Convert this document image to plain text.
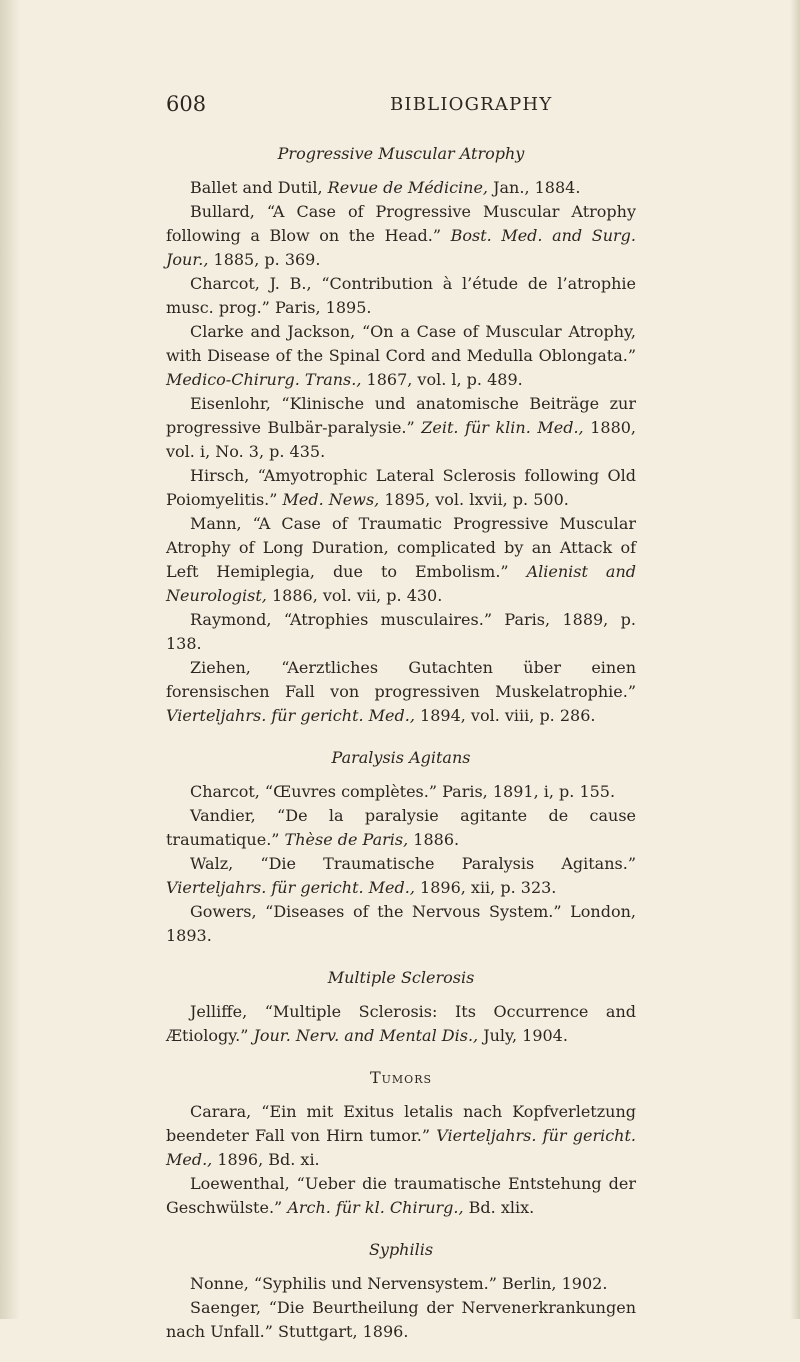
608	BIBLIOGRAPHY
Progressive Muscular Atrophy

Ballet and Dutil, Revue de Médicine, Jan., 1884.

Bullard, “A Case of Progressive Muscular Atrophy following a Blow on the Head.” Bost. Med. and Surg. Jour., 1885, p. 369.

Charcot, J. B., “Contribution à l’étude de l’atrophie musc. prog.” Paris, 1895.

Clarke and Jackson, “On a Case of Muscular Atrophy, with Disease of the Spinal Cord and Medulla Oblongata.” Medico-Chirurg. Trans., 1867, vol. l, p. 489.

Eisenlohr, “Klinische und anatomische Beiträge zur progressive Bulbär-paralysie.” Zeit. für klin. Med., 1880, vol. i, No. 3, p. 435.

Hirsch, “Amyotrophic Lateral Sclerosis following Old Poiomyelitis.” Med. News, 1895, vol. lxvii, p. 500.

Mann, “A Case of Traumatic Progressive Muscular Atrophy of Long Duration, complicated by an Attack of Left Hemiplegia, due to Embolism.” Alienist and Neurologist, 1886, vol. vii, p. 430.

Raymond, “Atrophies musculaires.” Paris, 1889, p. 138.

Ziehen, “Aerztliches Gutachten über einen forensischen Fall von progressiven Muskelatrophie.” Vierteljahrs. für gericht. Med., 1894, vol. viii, p. 286.

Paralysis Agitans

Charcot, “Œuvres complètes.” Paris, 1891, i, p. 155.

Vandier, “De la paralysie agitante de cause traumatique.” Thèse de Paris, 1886.

Walz, “Die Traumatische Paralysis Agitans.” Vierteljahrs. für gericht. Med., 1896, xii, p. 323.

Gowers, “Diseases of the Nervous System.” London, 1893.

Multiple Sclerosis

Jelliffe, “Multiple Sclerosis: Its Occurrence and Ætiology.” Jour. Nerv. and Mental Dis., July, 1904.

Tumors

Carara, “Ein mit Exitus letalis nach Kopfverletzung beendeter Fall von Hirn tumor.” Vierteljahrs. für gericht. Med., 1896, Bd. xi.

Loewenthal, “Ueber die traumatische Entstehung der Geschwülste.” Arch. für kl. Chirurg., Bd. xlix.

Syphilis

Nonne, “Syphilis und Nervensystem.” Berlin, 1902.

Saenger, “Die Beurtheilung der Nervenerkrankungen nach Unfall.” Stuttgart, 1896.
